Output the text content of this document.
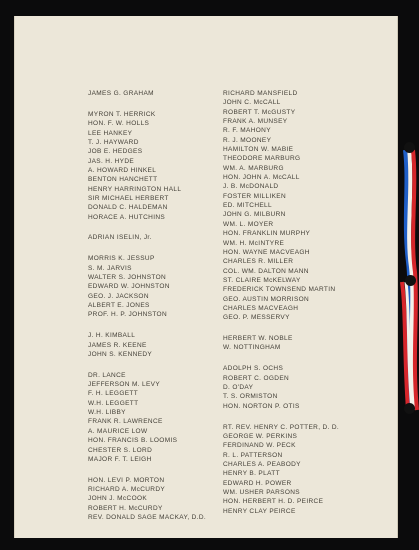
JAMES G. GRAHAM
MYRON T. HERRICK
HON. F. W. HOLLS
LEE HANKEY
T. J. HAYWARD
JOB E. HEDGES
JAS. H. HYDE
A. HOWARD HINKEL
BENTON HANCHETT
HENRY HARRINGTON HALL
SIR MICHAEL HERBERT
DONALD C. HALDEMAN
HORACE A. HUTCHINS
ADRIAN ISELIN, Jr.
MORRIS K. JESSUP
S. M. JARVIS
WALTER S. JOHNSTON
EDWARD W. JOHNSTON
GEO. J. JACKSON
ALBERT E. JONES
PROF. H. P. JOHNSTON
J. H. KIMBALL
JAMES R. KEENE
JOHN S. KENNEDY
DR. LANCE
JEFFERSON M. LEVY
F. H. LEGGETT
W.H. LEGGETT
W.H. LIBBY
FRANK R. LAWRENCE
A. MAURICE LOW
HON. FRANCIS B. LOOMIS
CHESTER S. LORD
MAJOR F. T. LEIGH
HON. LEVI P. MORTON
RICHARD A. McCURDY
JOHN J. McCOOK
ROBERT H. McCURDY
REV. DONALD SAGE MACKAY, D.D.
RICHARD MANSFIELD
JOHN C. McCALL
ROBERT T. McGUSTY
FRANK A. MUNSEY
R. F. MAHONY
R. J. MOONEY
HAMILTON W. MABIE
THEODORE MARBURG
WM. A. MARBURG
HON. JOHN A. McCALL
J. B. McDONALD
FOSTER MILLIKEN
ED. MITCHELL
JOHN G. MILBURN
WM. L. MOYER
HON. FRANKLIN MURPHY
WM. H. McINTYRE
HON. WAYNE MACVEAGH
CHARLES R. MILLER
COL. WM. DALTON MANN
ST. CLAIRE McKELWAY
FREDERICK TOWNSEND MARTIN
GEO. AUSTIN MORRISON
CHARLES MACVEAGH
GEO. P. MESSERVY
HERBERT W. NOBLE
W. NOTTINGHAM
ADOLPH S. OCHS
ROBERT C. OGDEN
D. O'DAY
T. S. ORMISTON
HON. NORTON P. OTIS
RT. REV. HENRY C. POTTER, D. D.
GEORGE W. PERKINS
FERDINAND W. PECK
R. L. PATTERSON
CHARLES A. PEABODY
HENRY B. PLATT
EDWARD H. POWER
WM. USHER PARSONS
HON. HERBERT H. D. PEIRCE
HENRY CLAY PEIRCE
